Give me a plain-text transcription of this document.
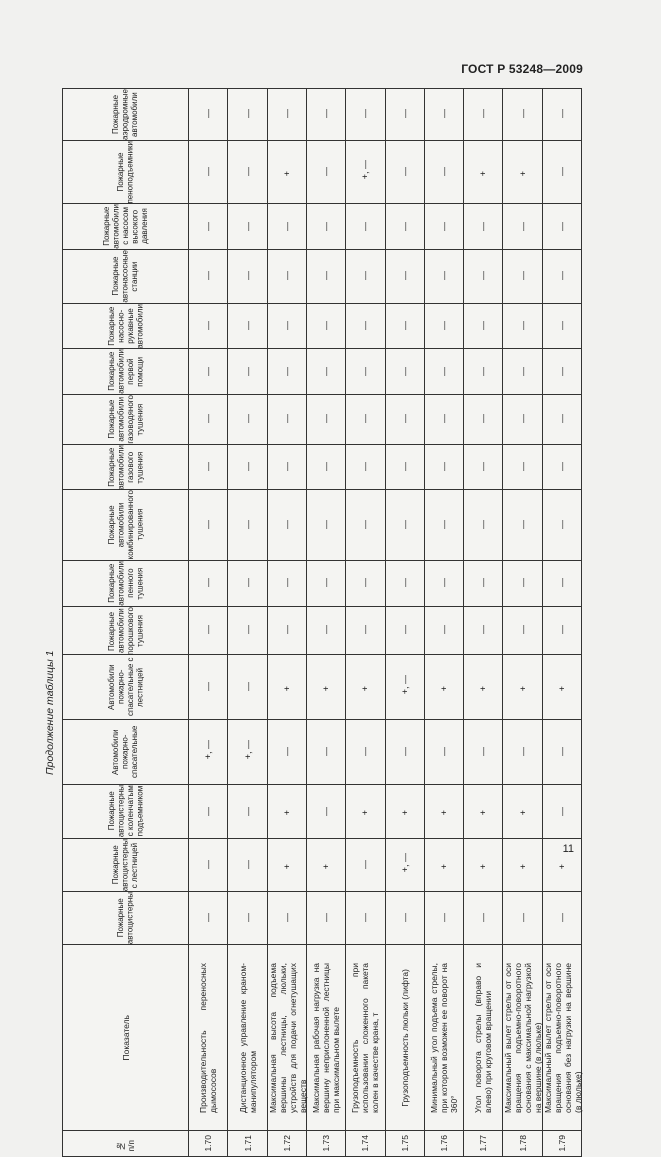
ГОСТ Р 53248—2009
Продолжение таблицы 1
Пожарные аэродромные автомобили	—	—	—	—	—	—	—	—	—	—

Пожарные пеноподъемники	—	—	+	—	+, —	—	—	+	+	—

Пожарные автомобили с насосом высокого давления	—	—	—	—	—	—	—	—	—	—

Пожарные автонасосные станции	—	—	—	—	—	—	—	—	—	—

Пожарные насосно-рукавные автомобили	—	—	—	—	—	—	—	—	—	—

Пожарные автомобили первой помощи	—	—	—	—	—	—	—	—	—	—

Пожарные автомобили газоводяного тушения	—	—	—	—	—	—	—	—	—	—

Пожарные автомобили газового тушения	—	—	—	—	—	—	—	—	—	—

Пожарные автомобили комбинированного тушения	—	—	—	—	—	—	—	—	—	—

Пожарные автомобили пенного тушения	—	—	—	—	—	—	—	—	—	—

Пожарные автомобили порошкового тушения	—	—	—	—	—	—	—	—	—	—

Автомобили пожарно-спасательные с лестницей	—	—	+	+	+	+, —	+	+	+	+

Автомобили пожарно-спасательные	+, —	+, —	—	—	—	—	—	—	—	—

Пожарные автоцистерны с коленчатым подъемником	—	—	+	—	+	+	+	+	+	—

Пожарные автоцистерны с лестницей	—	—	+	+	—	+, —	+	+	+	+

Пожарные автоцистерны	—	—	—	—	—	—	—	—	—	—

Показатель	Производительность переносных дымососов	Дистанционное управление краном-манипулятором	Максимальная высота подъема вершины лестницы, люльки, устройств для подачи огнетушащих веществ	Максимальная рабочая нагрузка на вершину неприслоненной лестницы при максимальном вылете	Грузоподъемность при использовании сложенного пакета колен в качестве крана, т	Грузоподъемность люльки (лифта)	Минимальный угол подъема стрелы, при котором возможен ее поворот на 360°	Угол поворота стрелы (вправо и влево) при круговом вращении	Максимальный вылет стрелы от оси вращения подъемно-поворотного основания с максимальной нагрузкой на вершине (в люльке)	Максимальный вылет стрелы от оси вращения подъемно-поворотного основания без нагрузки на вершине (в люльке)

№ п/п	1.70	1.71	1.72	1.73	1.74	1.75	1.76	1.77	1.78	1.79
11
